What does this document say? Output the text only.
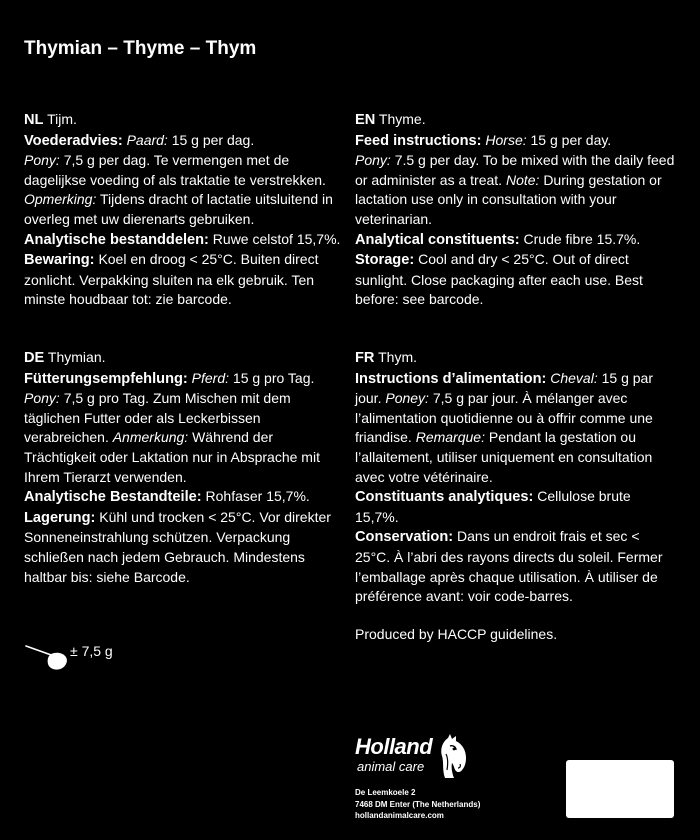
Thymian – Thyme – Thym

NL Tijm.

Voederadvies: Paard: 15 g per dag.

Pony: 7,5 g per dag. Te vermengen met de dagelijkse voeding of als traktatie te verstrekken. Opmerking: Tijdens dracht of lactatie uitsluitend in overleg met uw dierenarts gebruiken.

Analytische bestanddelen: Ruwe celstof 15,7%.

Bewaring: Koel en droog < 25°C. Buiten direct zonlicht. Verpakking sluiten na elk gebruik. Ten minste houdbaar tot: zie barcode.

EN Thyme.

Feed instructions: Horse: 15 g per day.

Pony: 7.5 g per day. To be mixed with the daily feed or administer as a treat. Note: During gestation or lactation use only in consultation with your veterinarian.

Analytical constituents: Crude fibre 15.7%.

Storage: Cool and dry < 25°C. Out of direct sunlight. Close packaging after each use. Best before: see barcode.

DE Thymian.

Fütterungsempfehlung: Pferd: 15 g pro Tag.

Pony: 7,5 g pro Tag. Zum Mischen mit dem täglichen Futter oder als Leckerbissen verabreichen. Anmerkung: Während der Trächtigkeit oder Laktation nur in Absprache mit Ihrem Tierarzt verwenden.

Analytische Bestandteile: Rohfaser 15,7%.

Lagerung: Kühl und trocken < 25°C. Vor direkter Sonneneinstrahlung schützen. Verpackung schließen nach jedem Gebrauch. Mindestens haltbar bis: siehe Barcode.

FR Thym.

Instructions d’alimentation: Cheval: 15 g par jour. Poney: 7,5 g par jour. À mélanger avec l’alimentation quotidienne ou à offrir comme une friandise. Remarque: Pendant la gestation ou l’allaitement, utiliser uniquement en consultation avec votre vétérinaire.

Constituants analytiques: Cellulose brute 15,7%.

Conservation: Dans un endroit frais et sec < 25°C. À l’abri des rayons directs du soleil. Fermer l’emballage après chaque utilisation. À utiliser de préférence avant: voir code-barres.

Produced by HACCP guidelines.
± 7,5 g
Holland
animal care
De Leemkoele 2
7468 DM Enter (The Netherlands)
hollandanimalcare.com
